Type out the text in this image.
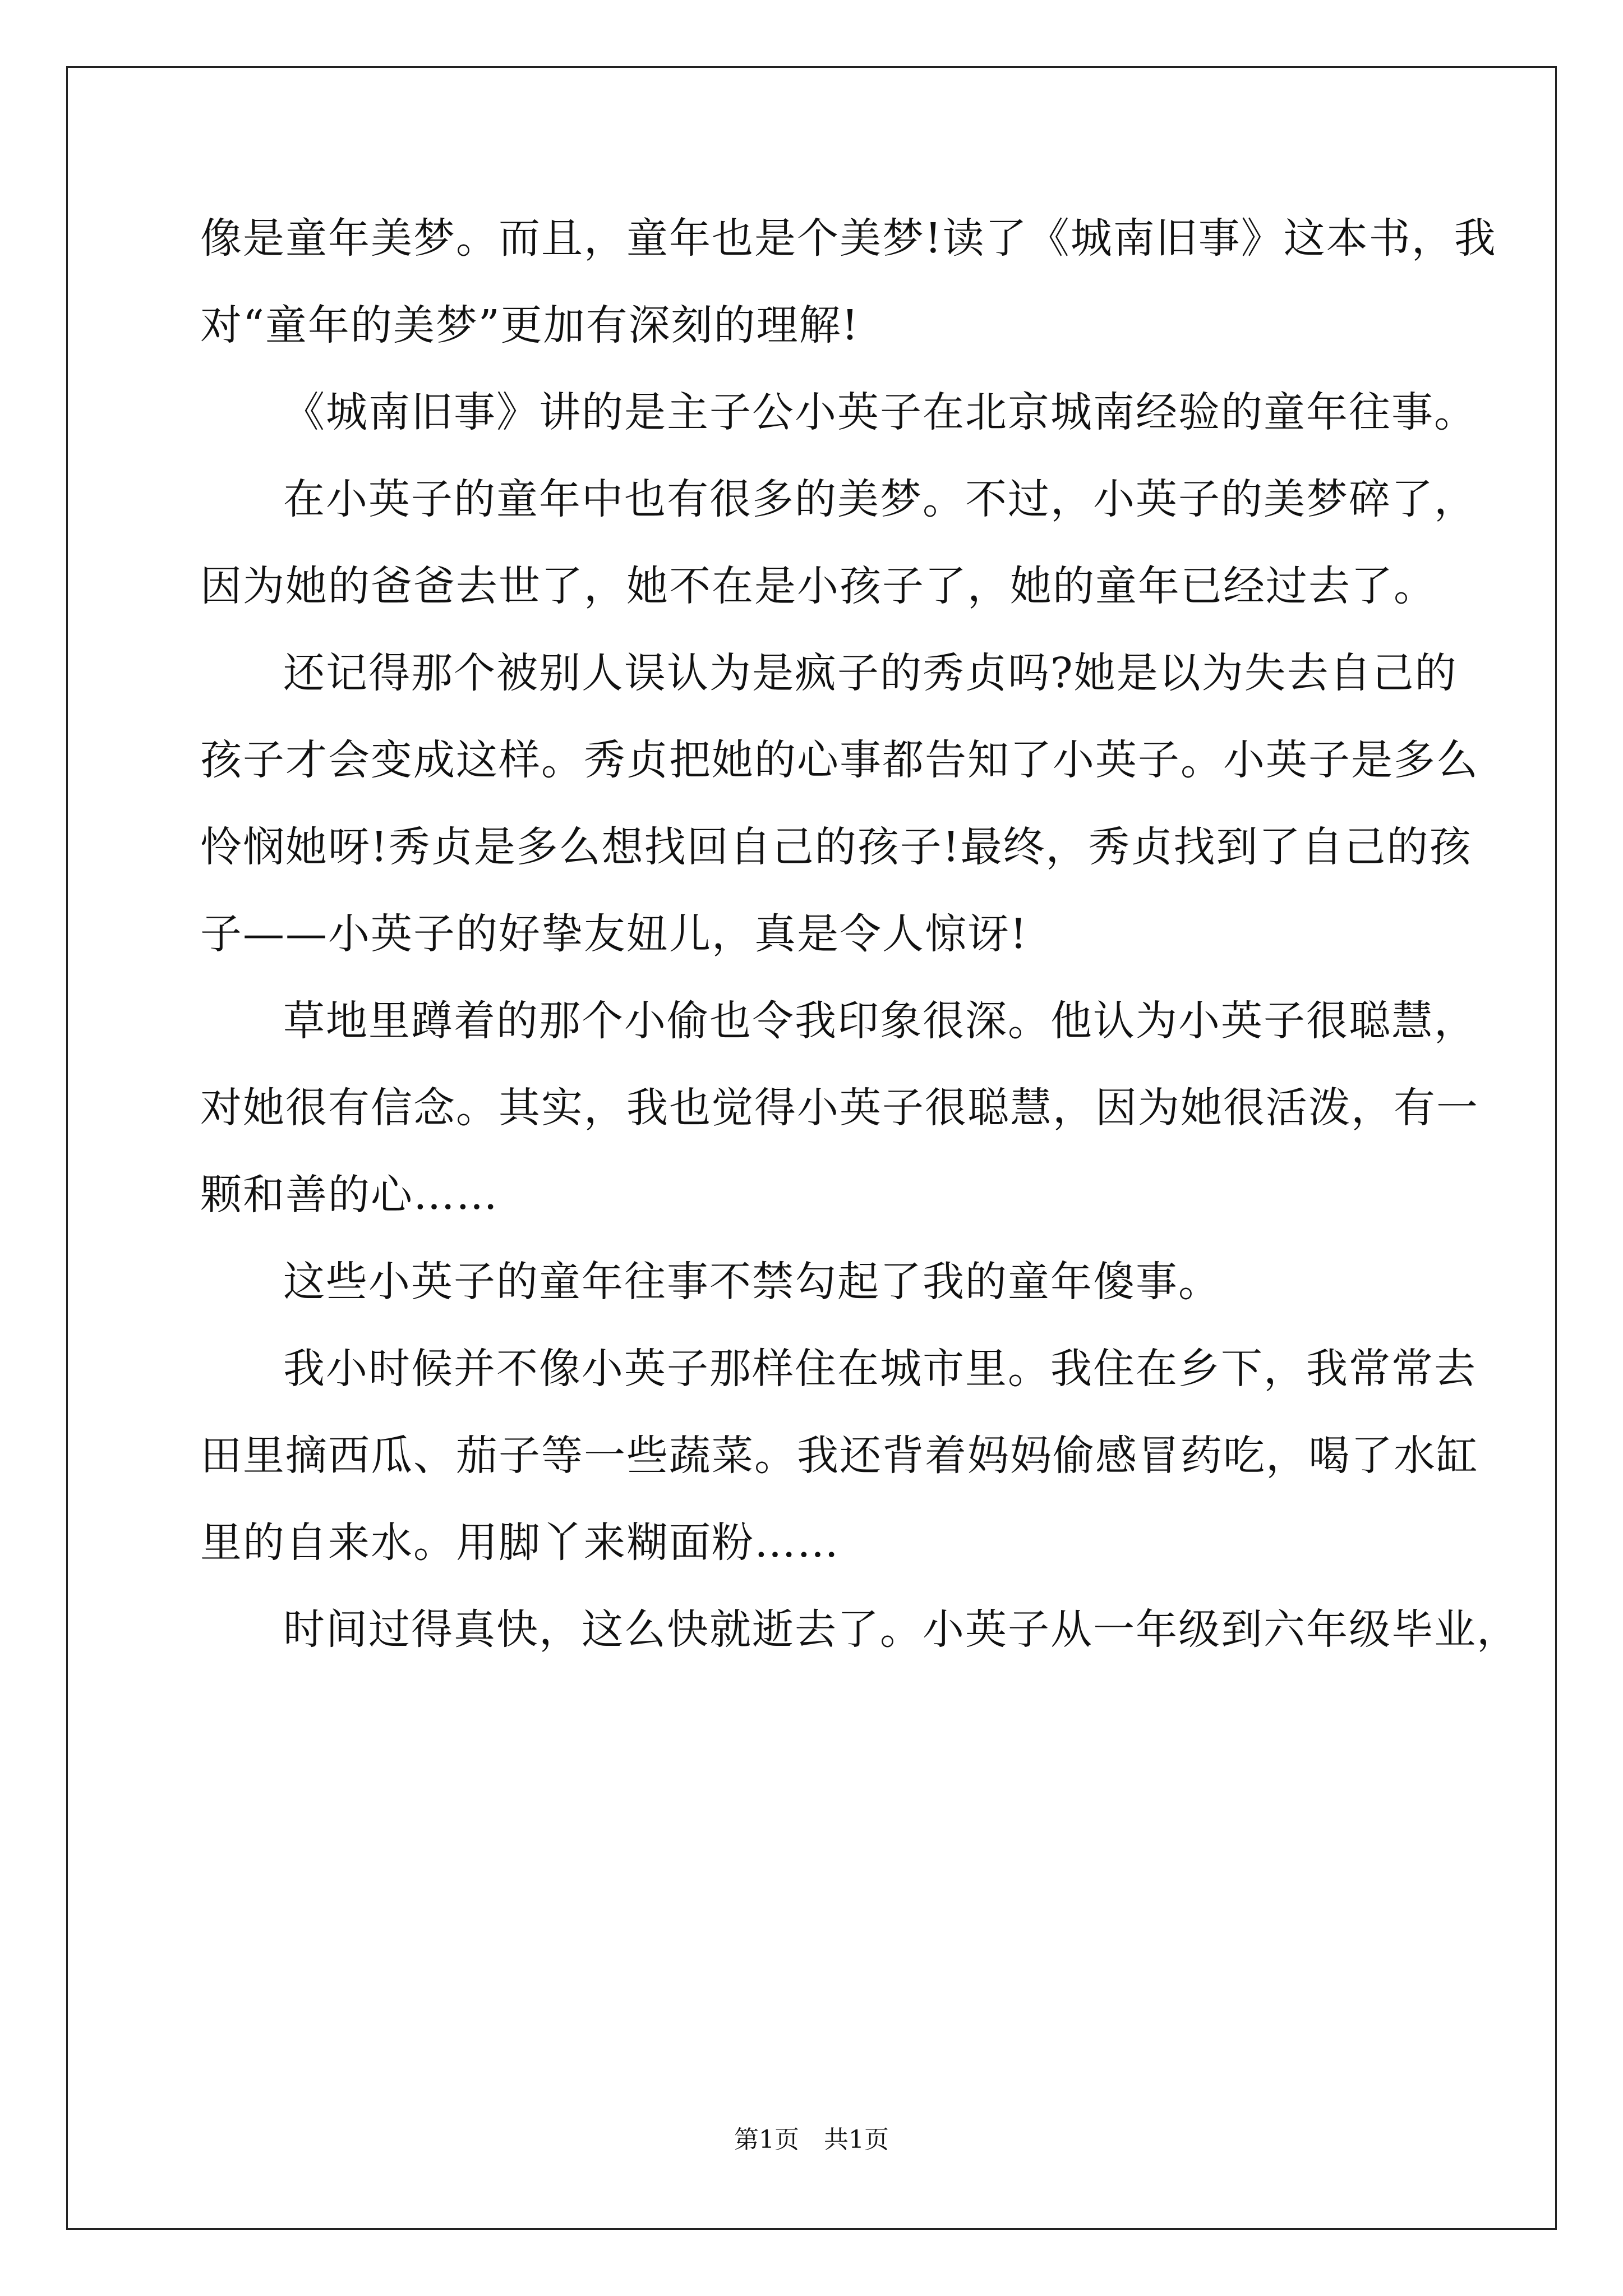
像是童年美梦。而且，童年也是个美梦!读了《城南旧事》这本书，我
对“童年的美梦”更加有深刻的理解!
《城南旧事》讲的是主子公小英子在北京城南经验的童年往事。
在小英子的童年中也有很多的美梦。不过，小英子的美梦碎了，
因为她的爸爸去世了，她不在是小孩子了，她的童年已经过去了。
还记得那个被别人误认为是疯子的秀贞吗?她是以为失去自己的
孩子才会变成这样。秀贞把她的心事都告知了小英子。小英子是多么
怜悯她呀!秀贞是多么想找回自己的孩子!最终，秀贞找到了自己的孩
子——小英子的好挚友妞儿，真是令人惊讶!
草地里蹲着的那个小偷也令我印象很深。他认为小英子很聪慧，
对她很有信念。其实，我也觉得小英子很聪慧，因为她很活泼，有一
颗和善的心……
这些小英子的童年往事不禁勾起了我的童年傻事。
我小时候并不像小英子那样住在城市里。我住在乡下，我常常去
田里摘西瓜、茄子等一些蔬菜。我还背着妈妈偷感冒药吃，喝了水缸
里的自来水。用脚丫来糊面粉……
时间过得真快，这么快就逝去了。小英子从一年级到六年级毕业，
第1页　共1页
